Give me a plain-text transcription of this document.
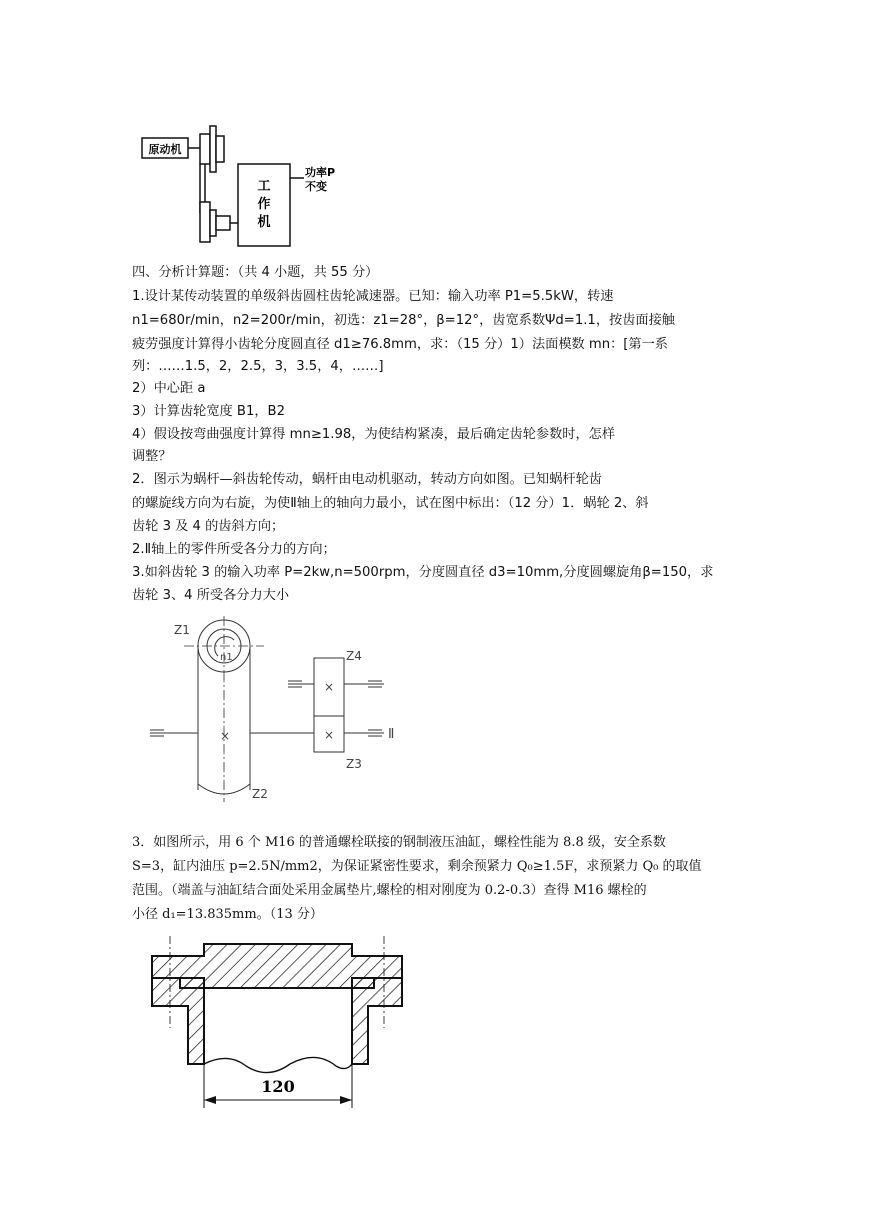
原动机
工
作
机
功率P
不变
四、分析计算题：（共 4 小题，共 55 分）
1.设计某传动装置的单级斜齿圆柱齿轮减速器。已知：输入功率 P1=5.5kW，转速
n1=680r/min，n2=200r/min，初选：z1=28°，β=12°，齿宽系数Ψd=1.1，按齿面接触
疲劳强度计算得小齿轮分度圆直径 d1≥76.8mm，求：（15 分）1）法面模数 mn：[第一系
列：……1.5，2，2.5，3，3.5，4，……]
2）中心距 a
3）计算齿轮宽度 B1，B2
4）假设按弯曲强度计算得 mn≥1.98，为使结构紧凑，最后确定齿轮参数时，怎样
调整？
2．图示为蜗杆—斜齿轮传动，蜗杆由电动机驱动，转动方向如图。已知蜗杆轮齿
的螺旋线方向为右旋，为使Ⅱ轴上的轴向力最小，试在图中标出：（12 分）1．蜗轮 2、斜
齿轮 3 及 4 的齿斜方向；
2.Ⅱ轴上的零件所受各分力的方向；
3.如斜齿轮 3 的输入功率 P=2kw,n=500rpm，分度圆直径 d3=10mm,分度圆螺旋角β=150，求
齿轮 3、4 所受各分力大小
Z1
n1
×
Z2
×
Z4
×	Ⅱ
Z3
3．如图所示，用 6 个 M16 的普通螺栓联接的钢制液压油缸，螺栓性能为 8.8 级，安全系数
S=3，缸内油压 p=2.5N/mm2，为保证紧密性要求，剩余预紧力 Q₀≥1.5F，求预紧力 Q₀ 的取值
范围。（端盖与油缸结合面处采用金属垫片,螺栓的相对刚度为 0.2-0.3）查得 M16 螺栓的
小径 d₁=13.835mm。（13 分）
120
